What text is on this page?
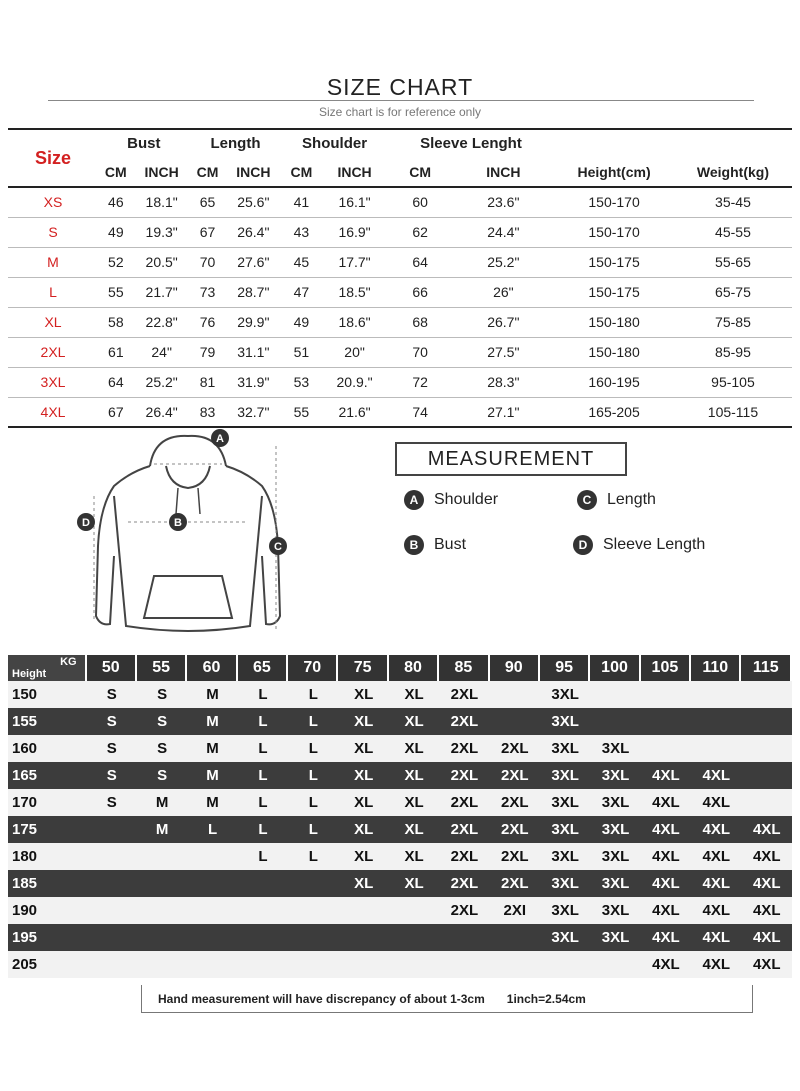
SIZE CHART
Size chart is for reference only
Size	Bust		Length		Shoulder		Sleeve Lenght			
	CM	INCH	CM	INCH	CM	INCH	CM	INCH	Height(cm)	Weight(kg)
XS	46	18.1"	65	25.6"	41	16.1"	60	23.6"	150-170	35-45
S	49	19.3"	67	26.4"	43	16.9"	62	24.4"	150-170	45-55
M	52	20.5"	70	27.6"	45	17.7"	64	25.2"	150-175	55-65
L	55	21.7"	73	28.7"	47	18.5"	66	26"	150-175	65-75
XL	58	22.8"	76	29.9"	49	18.6"	68	26.7"	150-180	75-85
2XL	61	24"	79	31.1"	51	20"	70	27.5"	150-180	85-95
3XL	64	25.2"	81	31.9"	53	20.9."	72	28.3"	160-195	95-105
4XL	67	26.4"	83	32.7"	55	21.6"	74	27.1"	165-205	105-115
A
B
C
D
MEASUREMENT
A Shoulder	C Length
B Bust	D Sleeve Length
KG
Height	50	55	60	65	70	75	80	85	90	95	100	105	110	115
150	S	S	M	L	L	XL	XL	2XL		3XL				
155	S	S	M	L	L	XL	XL	2XL		3XL				
160	S	S	M	L	L	XL	XL	2XL	2XL	3XL	3XL			
165	S	S	M	L	L	XL	XL	2XL	2XL	3XL	3XL	4XL	4XL	
170	S	M	M	L	L	XL	XL	2XL	2XL	3XL	3XL	4XL	4XL	
175		M	L	L	L	XL	XL	2XL	2XL	3XL	3XL	4XL	4XL	4XL
180				L	L	XL	XL	2XL	2XL	3XL	3XL	4XL	4XL	4XL
185						XL	XL	2XL	2XL	3XL	3XL	4XL	4XL	4XL
190								2XL	2XI	3XL	3XL	4XL	4XL	4XL
195										3XL	3XL	4XL	4XL	4XL
205												4XL	4XL	4XL
Hand measurement will have discrepancy of about 1-3cm 1inch=2.54cm
